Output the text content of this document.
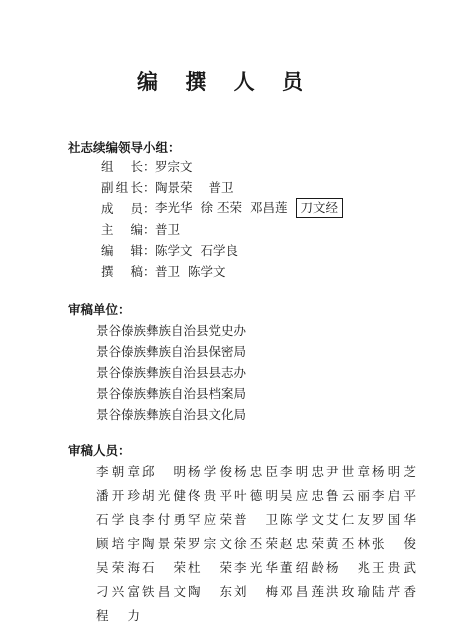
编 撰 人 员
社志续编领导小组：
组 长 ： 罗宗文
副组长 ： 陶景荣 普卫
成 员 ： 李光华 徐 丕荣 邓昌莲	刀文经
主 编 ： 普卫
编 辑 ： 陈学文 石学良
撰 稿 ： 普卫 陈学文
审稿单位：
景谷傣族彝族自治县党史办
景谷傣族彝族自治县保密局
景谷傣族彝族自治县县志办
景谷傣族彝族自治县档案局
景谷傣族彝族自治县文化局
审稿人员：
李朝章 邱 明 杨学俊 杨忠臣 李明忠 尹世章 杨明芝
潘开珍 胡光健 佟贵平 叶德明 吴应忠 鲁云丽 李启平
石学良 李付勇 罕应荣 普 卫 陈学文 艾仁友 罗国华
顾培宇 陶景荣 罗宗文 徐丕荣 赵忠荣 黄丕林 张 俊
吴荣海 石 荣 杜 荣 李光华 董绍龄 杨 兆 王贵武
刁兴富 铁昌文 陶 东 刘 梅 邓昌莲 洪玫瑜 陆芹香
程 力
